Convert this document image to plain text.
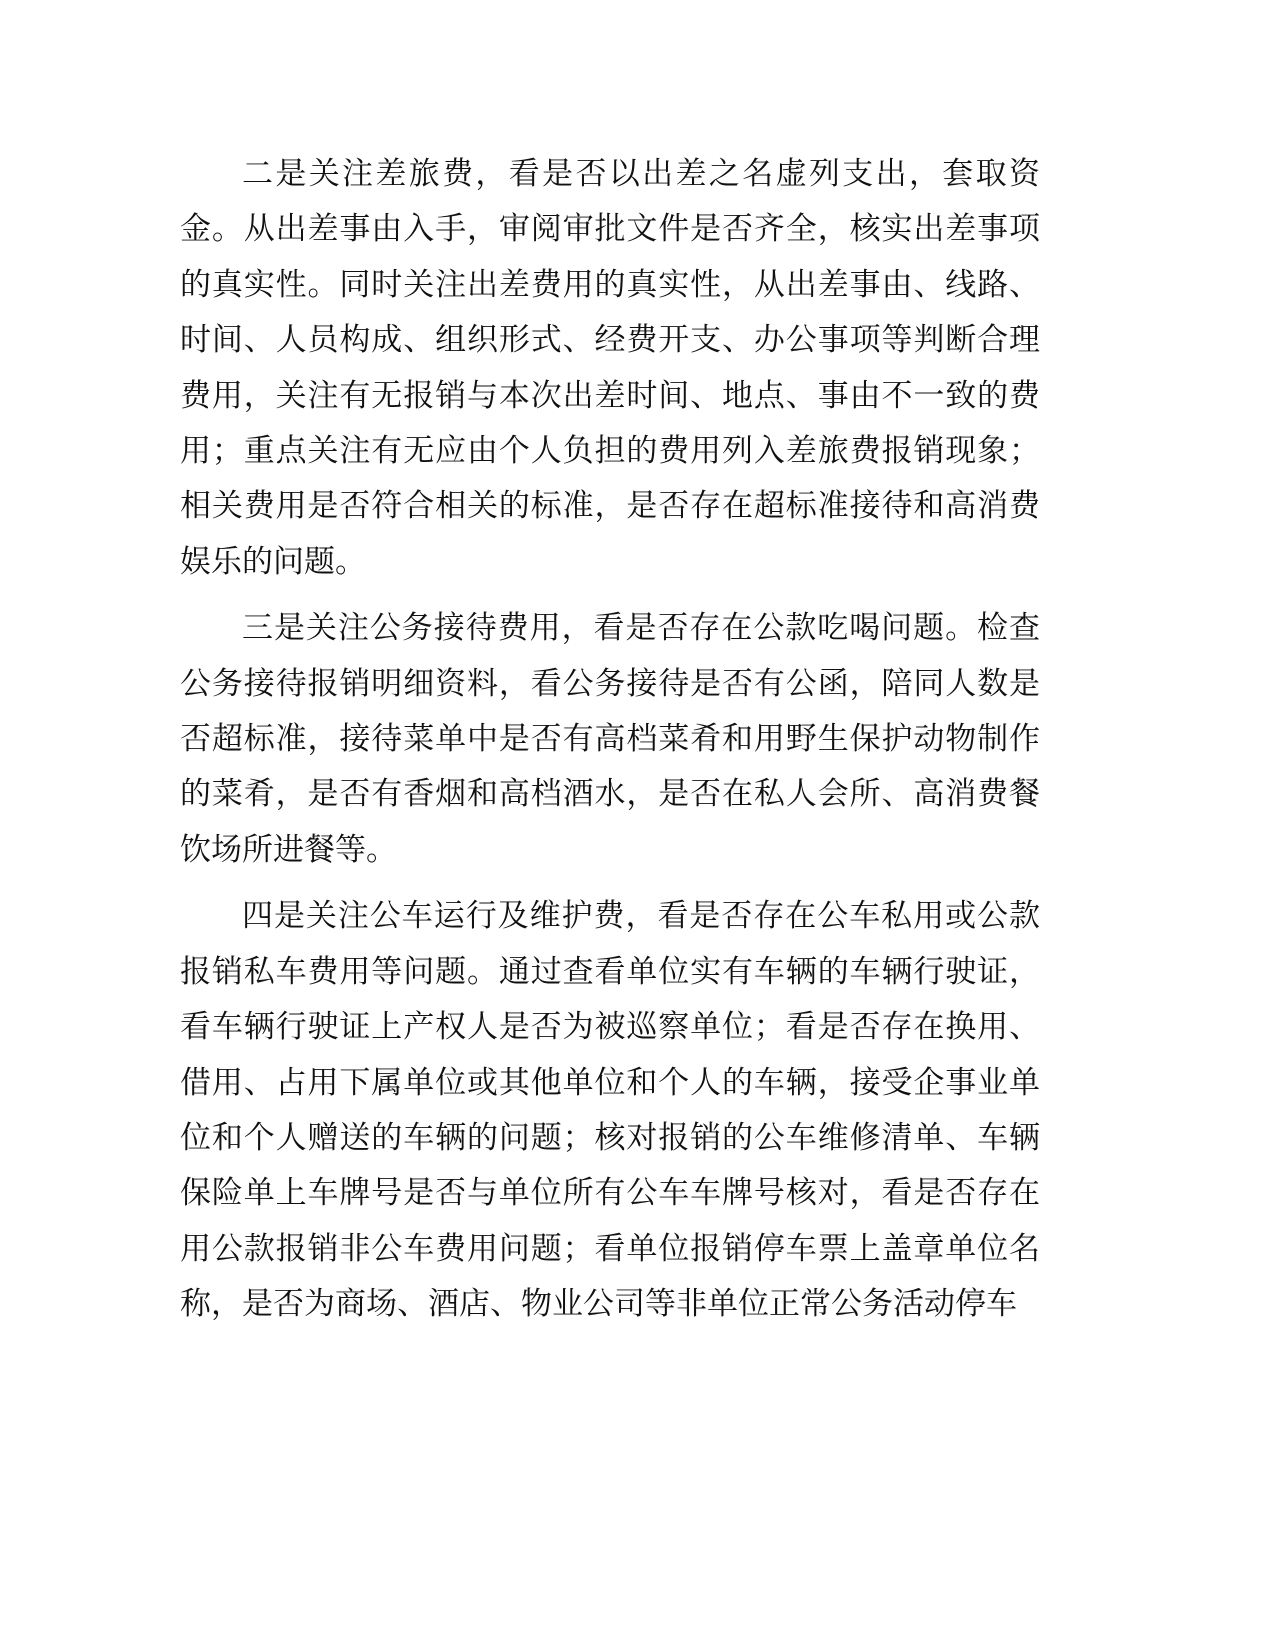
二是关注差旅费，看是否以出差之名虚列支出，套取资金。从出差事由入手，审阅审批文件是否齐全，核实出差事项的真实性。同时关注出差费用的真实性，从出差事由、线路、时间、人员构成、组织形式、经费开支、办公事项等判断合理费用，关注有无报销与本次出差时间、地点、事由不一致的费用；重点关注有无应由个人负担的费用列入差旅费报销现象；相关费用是否符合相关的标准，是否存在超标准接待和高消费娱乐的问题。

三是关注公务接待费用，看是否存在公款吃喝问题。检查公务接待报销明细资料，看公务接待是否有公函，陪同人数是否超标准，接待菜单中是否有高档菜肴和用野生保护动物制作的菜肴，是否有香烟和高档酒水，是否在私人会所、高消费餐饮场所进餐等。

四是关注公车运行及维护费，看是否存在公车私用或公款报销私车费用等问题。通过查看单位实有车辆的车辆行驶证，看车辆行驶证上产权人是否为被巡察单位；看是否存在换用、借用、占用下属单位或其他单位和个人的车辆，接受企事业单位和个人赠送的车辆的问题；核对报销的公车维修清单、车辆保险单上车牌号是否与单位所有公车车牌号核对，看是否存在用公款报销非公车费用问题；看单位报销停车票上盖章单位名称，是否为商场、酒店、物业公司等非单位正常公务活动停车
